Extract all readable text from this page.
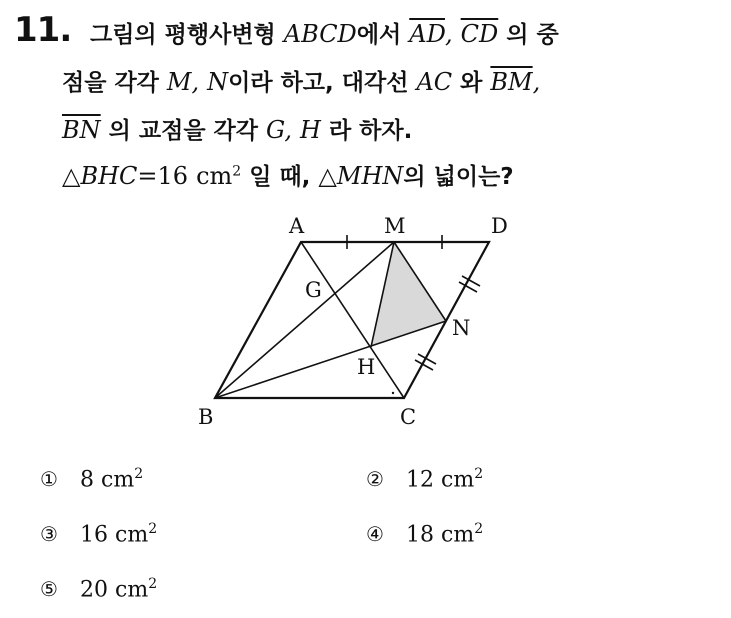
11. 그림의 평행사변형 ABCD에서 $\overline{AD}$, $\overline{CD}$ 의 중
점을 각각 M, N이라 하고, 대각선 AC 와 $\overline{BM}$,
$\overline{BN}$ 의 교점을 각각 G, H 라 하자.
△BHC=16 $cm^2$ 일 때, △MHN의 넓이는?
A	M	D
G
N
H
B	C
① 8 $cm^2$	② 12 $cm^2$
③ 16 $cm^2$	④ 18 $cm^2$
⑤ 20 $cm^2$
